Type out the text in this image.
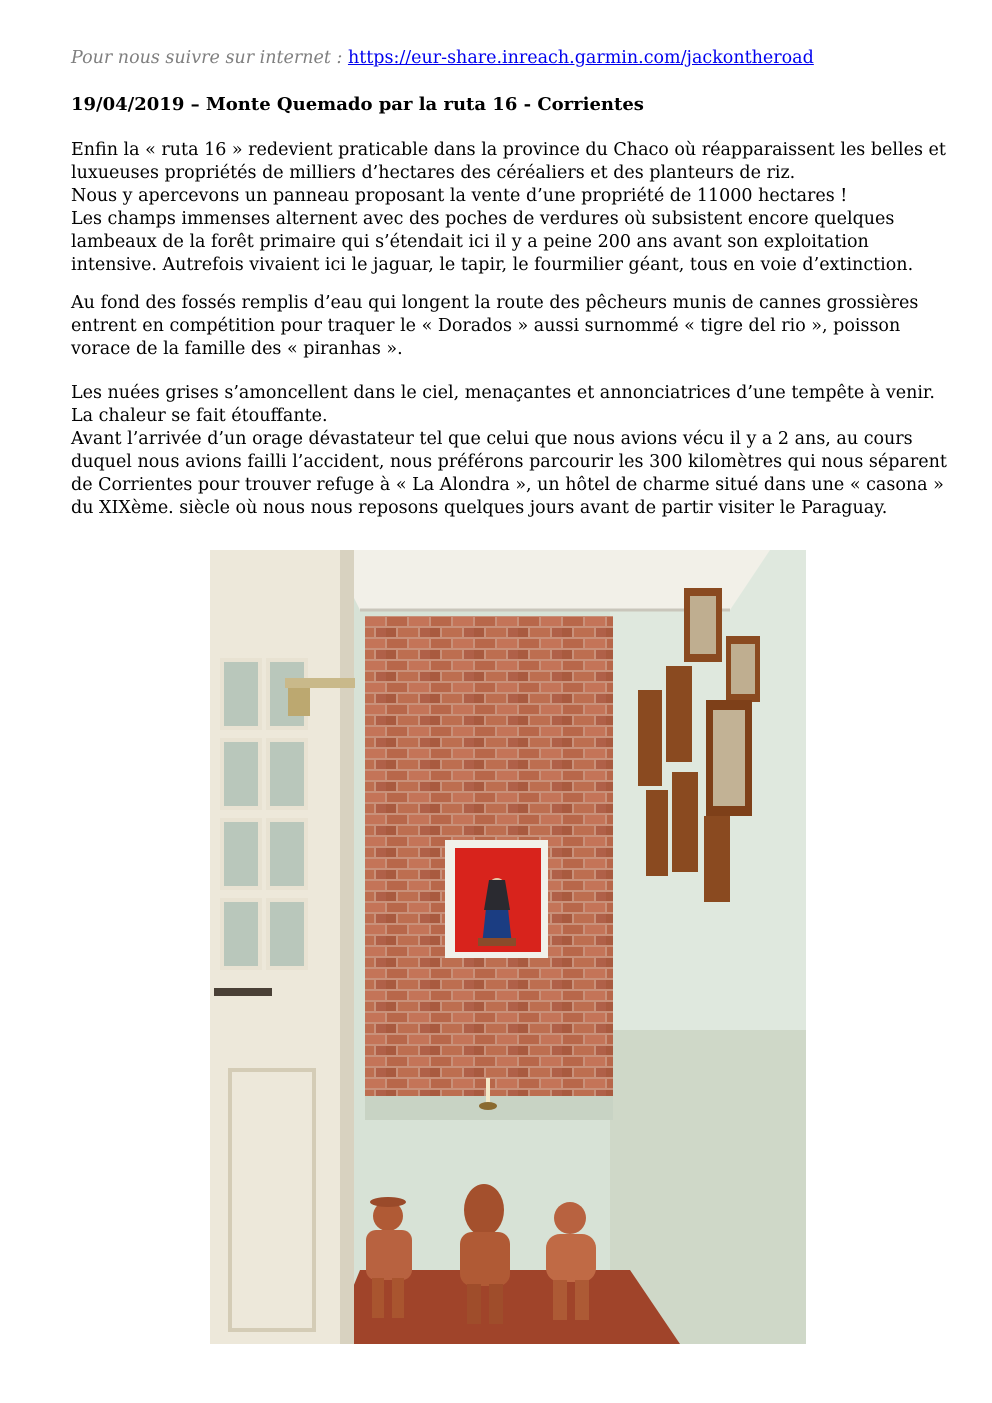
Pour nous suivre sur internet : https://eur-share.inreach.garmin.com/jackontheroad
19/04/2019 – Monte Quemado par la ruta 16 - Corrientes

Enfin la « ruta 16 » redevient praticable dans la province du Chaco où réapparaissent les belles et
luxueuses propriétés de milliers d’hectares des céréaliers et des planteurs de riz.
Nous y apercevons un panneau proposant la vente d’une propriété de 11000 hectares !
Les champs immenses alternent avec des poches de verdures où subsistent encore quelques
lambeaux de la forêt primaire qui s’étendait ici il y a peine 200 ans avant son exploitation
intensive. Autrefois vivaient ici le jaguar, le tapir, le fourmilier géant, tous en voie d’extinction.

Au fond des fossés remplis d’eau qui longent la route des pêcheurs munis de cannes grossières
entrent en compétition pour traquer le « Dorados » aussi surnommé « tigre del rio », poisson
vorace de la famille des « piranhas ».

Les nuées grises s’amoncellent dans le ciel, menaçantes et annonciatrices d’une tempête à venir.
La chaleur se fait étouffante.
Avant l’arrivée d’un orage dévastateur tel que celui que nous avions vécu il y a 2 ans, au cours
duquel nous avions failli l’accident, nous préférons parcourir les 300 kilomètres qui nous séparent
de Corrientes pour trouver refuge à « La Alondra », un hôtel de charme situé dans une « casona »
du XIXème. siècle où nous nous reposons quelques jours avant de partir visiter le Paraguay.
